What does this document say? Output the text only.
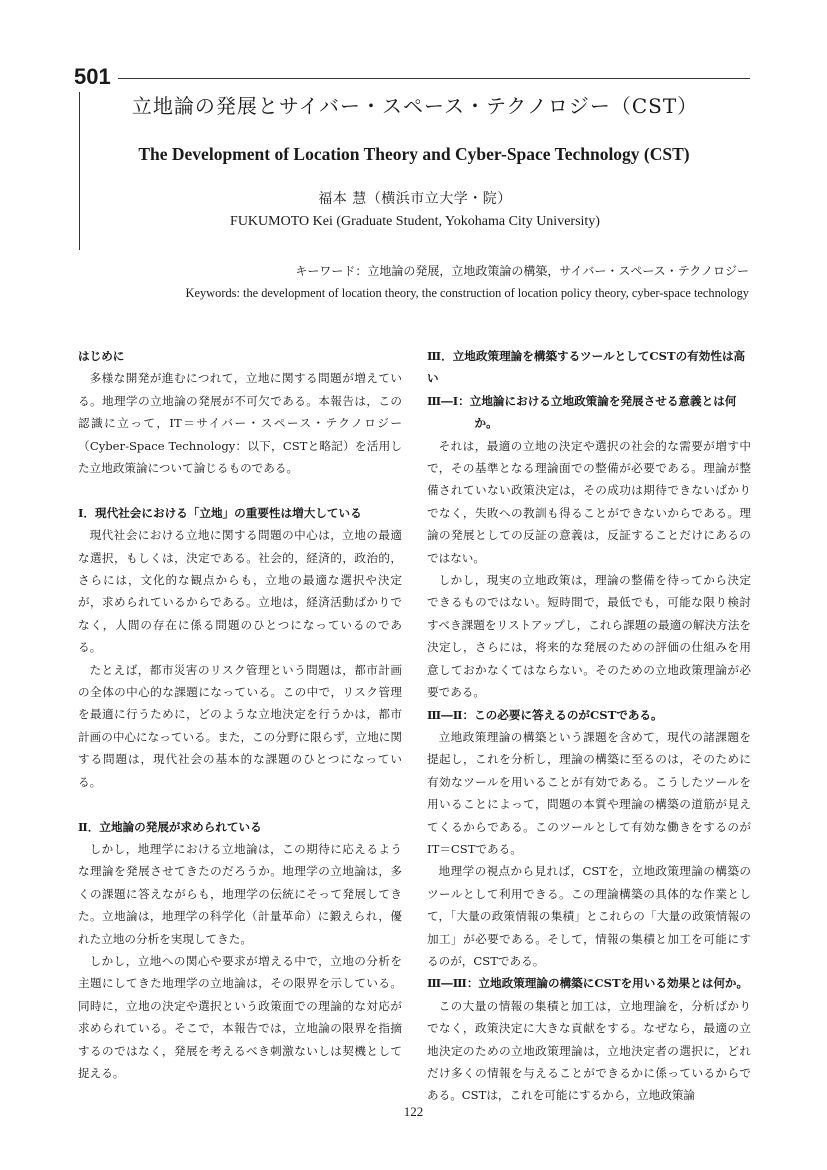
501
立地論の発展とサイバー・スペース・テクノロジー（CST）
The Development of Location Theory and Cyber-Space Technology (CST)
福本 慧（横浜市立大学・院）
FUKUMOTO Kei (Graduate Student, Yokohama City University)
キーワード：立地論の発展，立地政策論の構築，サイバー・スペース・テクノロジー
Keywords: the development of location theory, the construction of location policy theory, cyber-space technology
はじめに

多様な開発が進むにつれて，立地に関する問題が増えている。地理学の立地論の発展が不可欠である。本報告は，この認識に立って，IT＝サイバー・スペース・テクノロジー（Cyber-Space Technology：以下，CSTと略記）を活用した立地政策論について論じるものである。

Ⅰ．現代社会における「立地」の重要性は増大している

現代社会における立地に関する問題の中心は，立地の最適な選択，もしくは，決定である。社会的，経済的，政治的，さらには，文化的な観点からも，立地の最適な選択や決定が，求められているからである。立地は，経済活動ばかりでなく，人間の存在に係る問題のひとつになっているのである。

たとえば，都市災害のリスク管理という問題は，都市計画の全体の中心的な課題になっている。この中で，リスク管理を最適に行うために，どのような立地決定を行うかは，都市計画の中心になっている。また，この分野に限らず，立地に関する問題は，現代社会の基本的な課題のひとつになっている。

Ⅱ．立地論の発展が求められている

しかし，地理学における立地論は，この期待に応えるような理論を発展させてきたのだろうか。地理学の立地論は，多くの課題に答えながらも，地理学の伝統にそって発展してきた。立地論は，地理学の科学化（計量革命）に鍛えられ，優れた立地の分析を実現してきた。

しかし，立地への関心や要求が増える中で，立地の分析を主題にしてきた地理学の立地論は，その限界を示している。同時に，立地の決定や選択という政策面での理論的な対応が求められている。そこで，本報告では，立地論の限界を指摘するのではなく，発展を考えるべき刺激ないしは契機として捉える。

Ⅲ．立地政策理論を構築するツールとしてCSTの有効性は高い
Ⅲ―Ⅰ：立地論における立地政策論を発展させる意義とは何か。

それは，最適の立地の決定や選択の社会的な需要が増す中で，その基準となる理論面での整備が必要である。理論が整備されていない政策決定は，その成功は期待できないばかりでなく，失敗への教訓も得ることができないからである。理論の発展としての反証の意義は，反証することだけにあるのではない。

しかし，現実の立地政策は，理論の整備を待ってから決定できるものではない。短時間で，最低でも，可能な限り検討すべき課題をリストアップし，これら課題の最適の解決方法を決定し，さらには，将来的な発展のための評価の仕組みを用意しておかなくてはならない。そのための立地政策理論が必要である。

Ⅲ―Ⅱ：この必要に答えるのがCSTである。

立地政策理論の構築という課題を含めて，現代の諸課題を提起し，これを分析し，理論の構築に至るのは，そのために有効なツールを用いることが有効である。こうしたツールを用いることによって，問題の本質や理論の構築の道筋が見えてくるからである。このツールとして有効な働きをするのがIT＝CSTである。

地理学の視点から見れば，CSTを，立地政策理論の構築のツールとして利用できる。この理論構築の具体的な作業として，「大量の政策情報の集積」とこれらの「大量の政策情報の加工」が必要である。そして，情報の集積と加工を可能にするのが，CSTである。

Ⅲ―Ⅲ：立地政策理論の構築にCSTを用いる効果とは何か。

この大量の情報の集積と加工は，立地理論を，分析ばかりでなく，政策決定に大きな貢献をする。なぜなら，最適の立地決定のための立地政策理論は，立地決定者の選択に，どれだけ多くの情報を与えることができるかに係っているからである。CSTは，これを可能にするから，立地政策論

122
